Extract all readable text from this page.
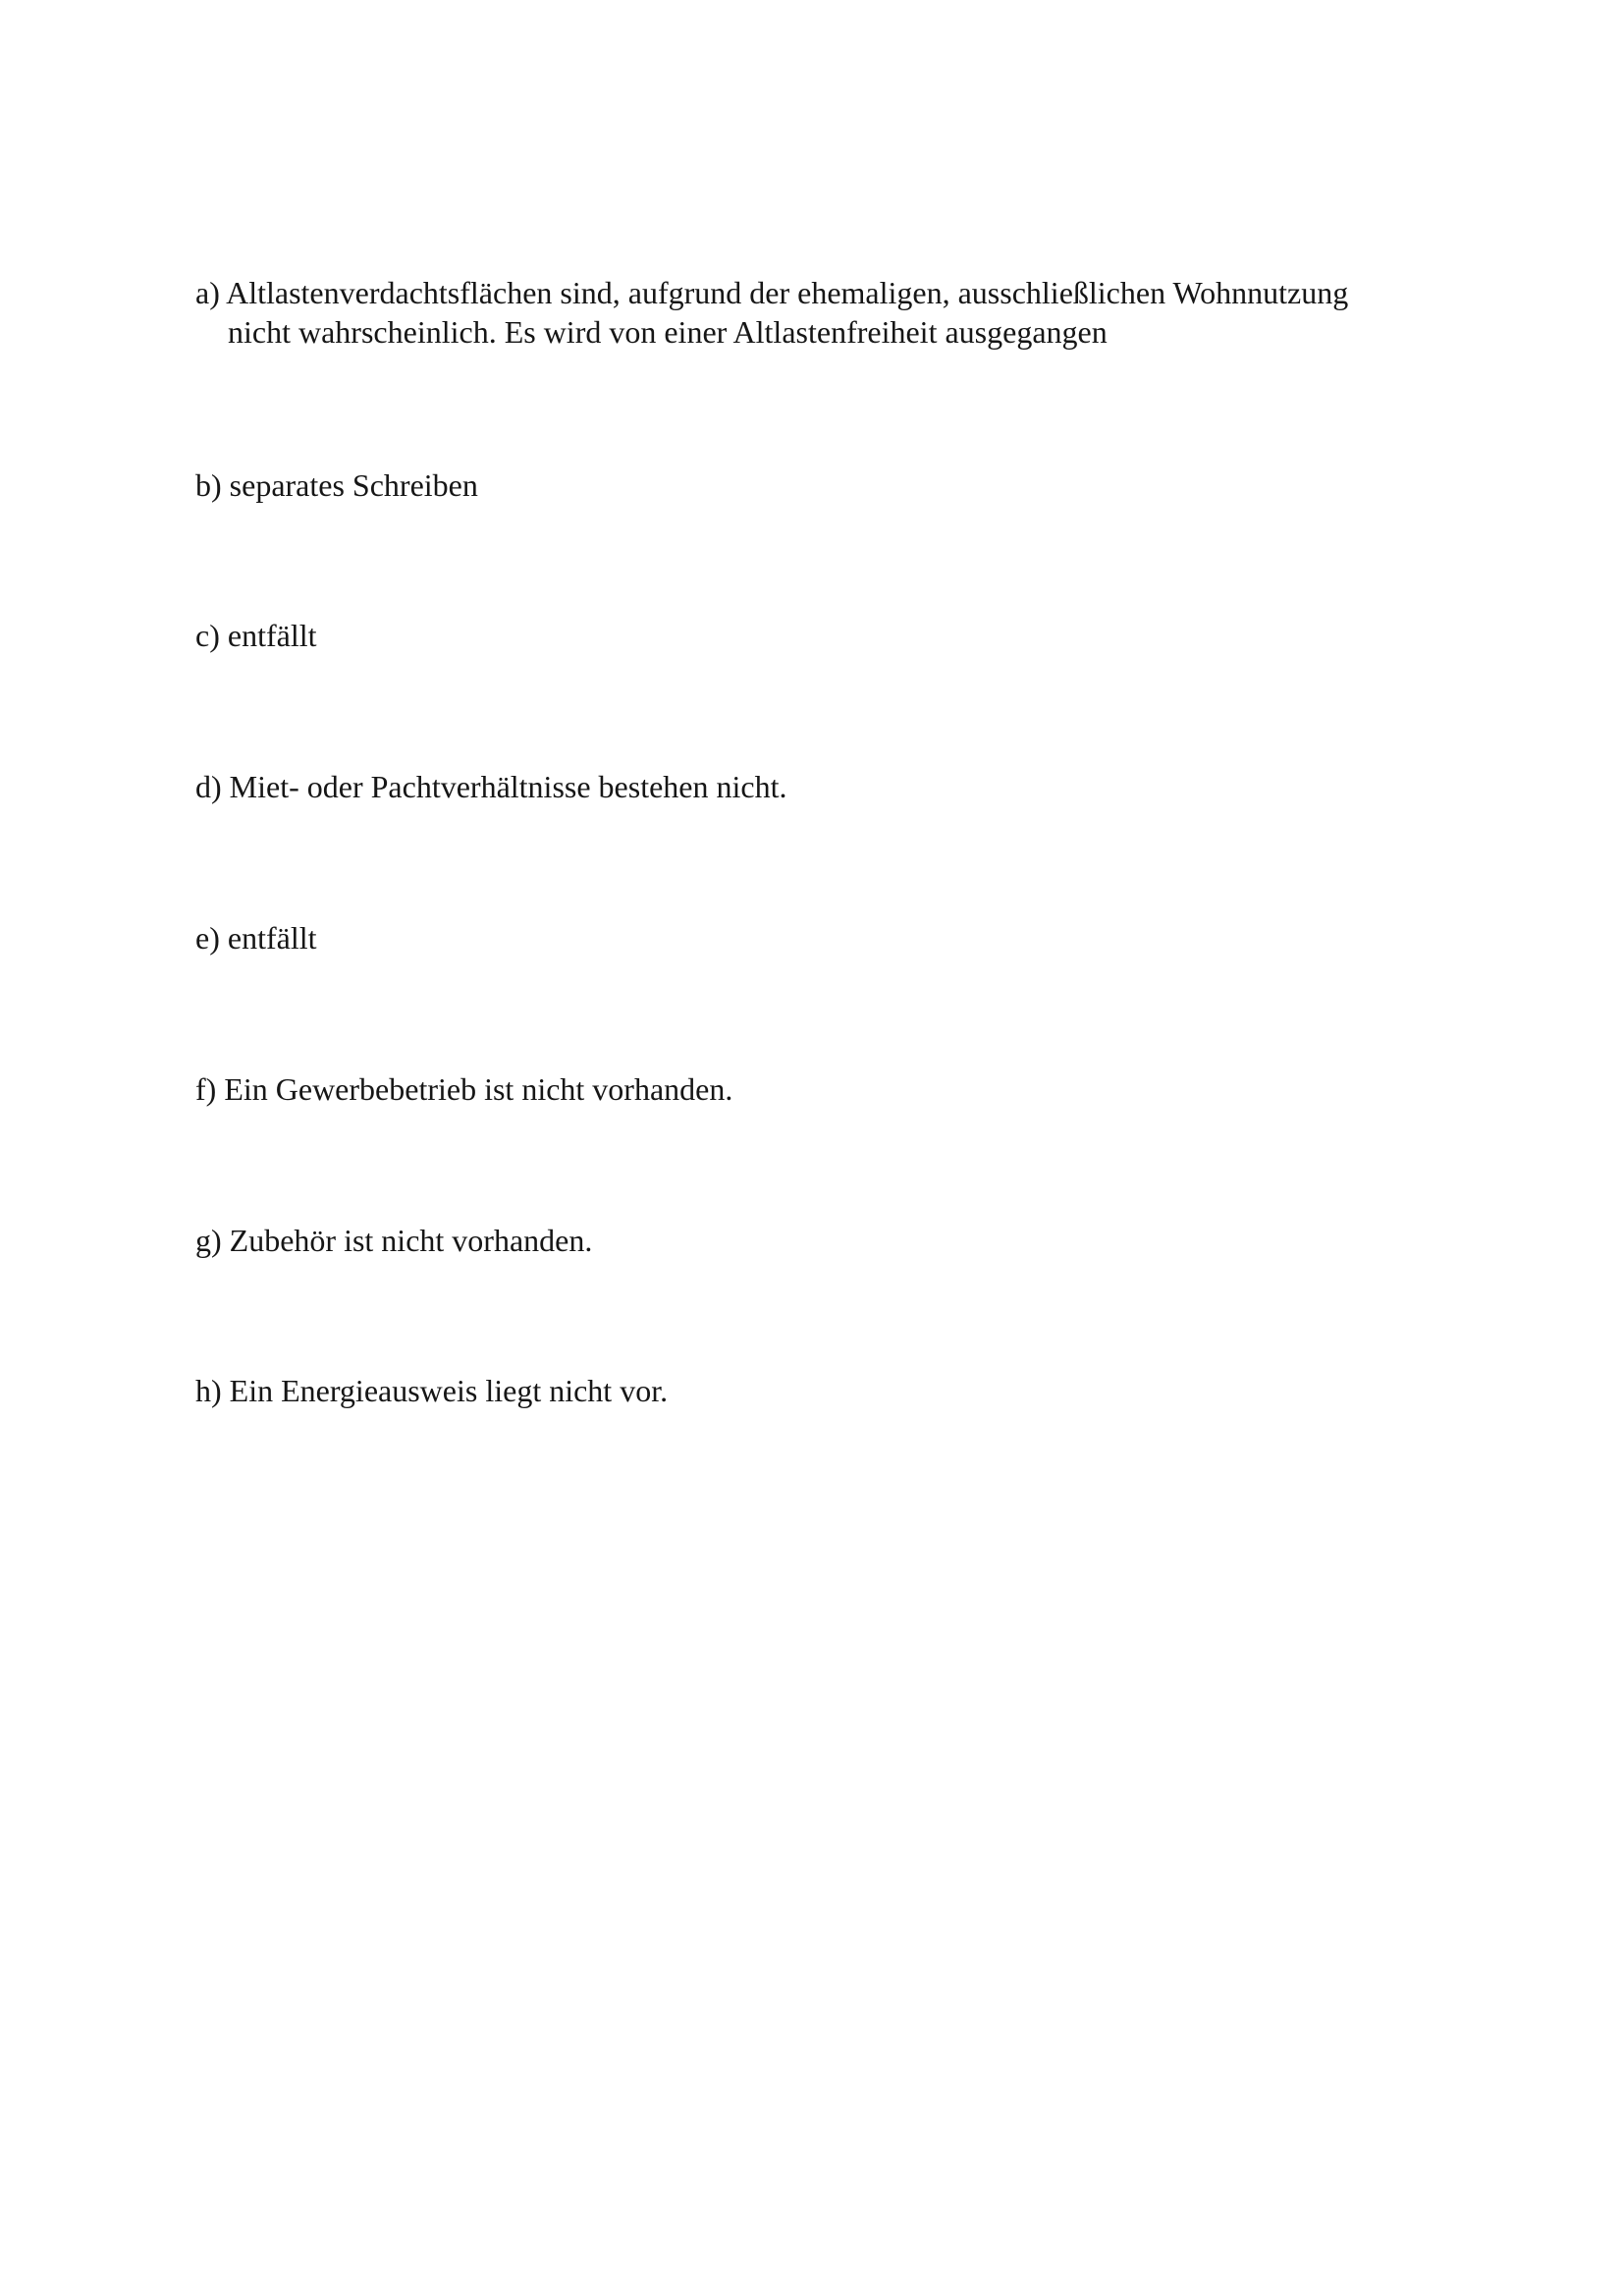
a) Altlastenverdachtsflächen sind, aufgrund der ehemaligen, ausschließlichen Wohnnutzung
nicht wahrscheinlich. Es wird von einer Altlastenfreiheit ausgegangen

b) separates Schreiben

c) entfällt

d) Miet- oder Pachtverhältnisse bestehen nicht.

e) entfällt

f) Ein Gewerbebetrieb ist nicht vorhanden.

g) Zubehör ist nicht vorhanden.

h) Ein Energieausweis liegt nicht vor.
